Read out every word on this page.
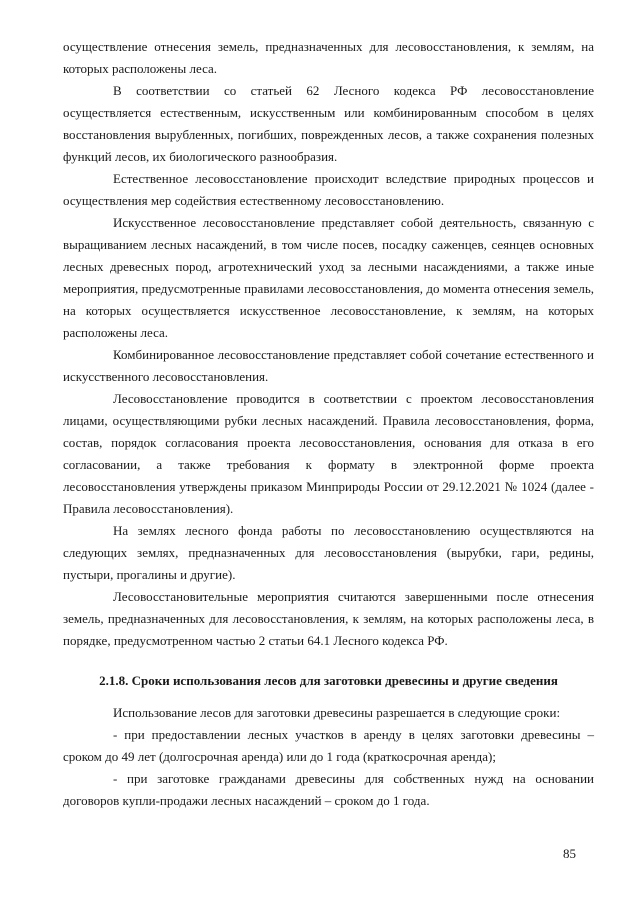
осуществление отнесения земель, предназначенных для лесовосстановления, к землям, на которых расположены леса.

В соответствии со статьей 62 Лесного кодекса РФ лесовосстановление осуществляется естественным, искусственным или комбинированным способом в целях восстановления вырубленных, погибших, поврежденных лесов, а также сохранения полезных функций лесов, их биологического разнообразия.

Естественное лесовосстановление происходит вследствие природных процессов и осуществления мер содействия естественному лесовосстановлению.

Искусственное лесовосстановление представляет собой деятельность, связанную с выращиванием лесных насаждений, в том числе посев, посадку саженцев, сеянцев основных лесных древесных пород, агротехнический уход за лесными насаждениями, а также иные мероприятия, предусмотренные правилами лесовосстановления, до момента отнесения земель, на которых осуществляется искусственное лесовосстановление, к землям, на которых расположены леса.

Комбинированное лесовосстановление представляет собой сочетание естественного и искусственного лесовосстановления.

Лесовосстановление проводится в соответствии с проектом лесовосстановления лицами, осуществляющими рубки лесных насаждений. Правила лесовосстановления, форма, состав, порядок согласования проекта лесовосстановления, основания для отказа в его согласовании, а также требования к формату в электронной форме проекта лесовосстановления утверждены приказом Минприроды России от 29.12.2021 № 1024 (далее - Правила лесовосстановления).

На землях лесного фонда работы по лесовосстановлению осуществляются на следующих землях, предназначенных для лесовосстановления (вырубки, гари, редины, пустыри, прогалины и другие).

Лесовосстановительные мероприятия считаются завершенными после отнесения земель, предназначенных для лесовосстановления, к землям, на которых расположены леса, в порядке, предусмотренном частью 2 статьи 64.1 Лесного кодекса РФ.

2.1.8. Сроки использования лесов для заготовки древесины и другие сведения

Использование лесов для заготовки древесины разрешается в следующие сроки:

- при предоставлении лесных участков в аренду в целях заготовки древесины – сроком до 49 лет (долгосрочная аренда) или до 1 года (краткосрочная аренда);

- при заготовке гражданами древесины для собственных нужд на основании договоров купли-продажи лесных насаждений – сроком до 1 года.

85
